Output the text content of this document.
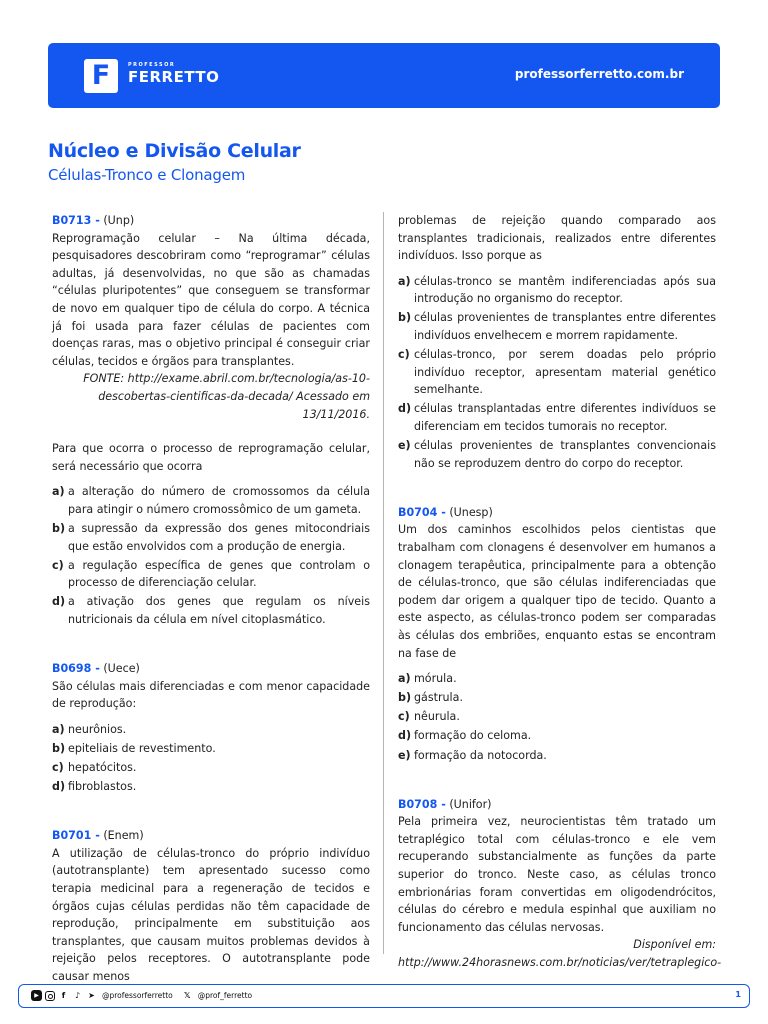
F	PROFESSOR
FERRETTO	professorferretto.com.br
Núcleo e Divisão Celular
Células-Tronco e Clonagem
B0713 - (Unp)
Reprogramação celular – Na última década, pesquisadores descobriram como “reprogramar” células adultas, já desenvolvidas, no que são as chamadas “células pluripotentes” que conseguem se transformar de novo em qualquer tipo de célula do corpo. A técnica já foi usada para fazer células de pacientes com doenças raras, mas o objetivo principal é conseguir criar células, tecidos e órgãos para transplantes.
FONTE: http://exame.abril.com.br/tecnologia/as-10-
descobertas-cientificas-da-decada/ Acessado em
13/11/2016.
Para que ocorra o processo de reprogramação celular, será necessário que ocorra
a) a alteração do número de cromossomos da célula para atingir o número cromossômico de um gameta.
b) a supressão da expressão dos genes mitocondriais que estão envolvidos com a produção de energia.
c) a regulação específica de genes que controlam o processo de diferenciação celular.
d) a ativação dos genes que regulam os níveis nutricionais da célula em nível citoplasmático.
B0698 - (Uece)
São células mais diferenciadas e com menor capacidade de reprodução:
a) neurônios.
b) epiteliais de revestimento.
c) hepatócitos.
d) fibroblastos.
B0701 - (Enem)
A utilização de células-tronco do próprio indivíduo (autotransplante) tem apresentado sucesso como terapia medicinal para a regeneração de tecidos e órgãos cujas células perdidas não têm capacidade de reprodução, principalmente em substituição aos transplantes, que causam muitos problemas devidos à rejeição pelos receptores. O autotransplante pode causar menos
problemas de rejeição quando comparado aos transplantes tradicionais, realizados entre diferentes indivíduos. Isso porque as
a) células-tronco se mantêm indiferenciadas após sua introdução no organismo do receptor.
b) células provenientes de transplantes entre diferentes indivíduos envelhecem e morrem rapidamente.
c) células-tronco, por serem doadas pelo próprio indivíduo receptor, apresentam material genético semelhante.
d) células transplantadas entre diferentes indivíduos se diferenciam em tecidos tumorais no receptor.
e) células provenientes de transplantes convencionais não se reproduzem dentro do corpo do receptor.
B0704 - (Unesp)
Um dos caminhos escolhidos pelos cientistas que trabalham com clonagens é desenvolver em humanos a clonagem terapêutica, principalmente para a obtenção de células-tronco, que são células indiferenciadas que podem dar origem a qualquer tipo de tecido. Quanto a este aspecto, as células-tronco podem ser comparadas às células dos embriões, enquanto estas se encontram na fase de
a) mórula.
b) gástrula.
c) nêurula.
d) formação do celoma.
e) formação da notocorda.
B0708 - (Unifor)
Pela primeira vez, neurocientistas têm tratado um tetraplégico total com células-tronco e ele vem recuperando substancialmente as funções da parte superior do tronco. Neste caso, as células tronco embrionárias foram convertidas em oligodendrócitos, células do cérebro e medula espinhal que auxiliam no funcionamento das células nervosas.
Disponível em:
http://www.24horasnews.com.br/noticias/ver/tetraplegico-
▶	f	♪	➤ @professorferretto 𝕏 @prof_ferretto	1
